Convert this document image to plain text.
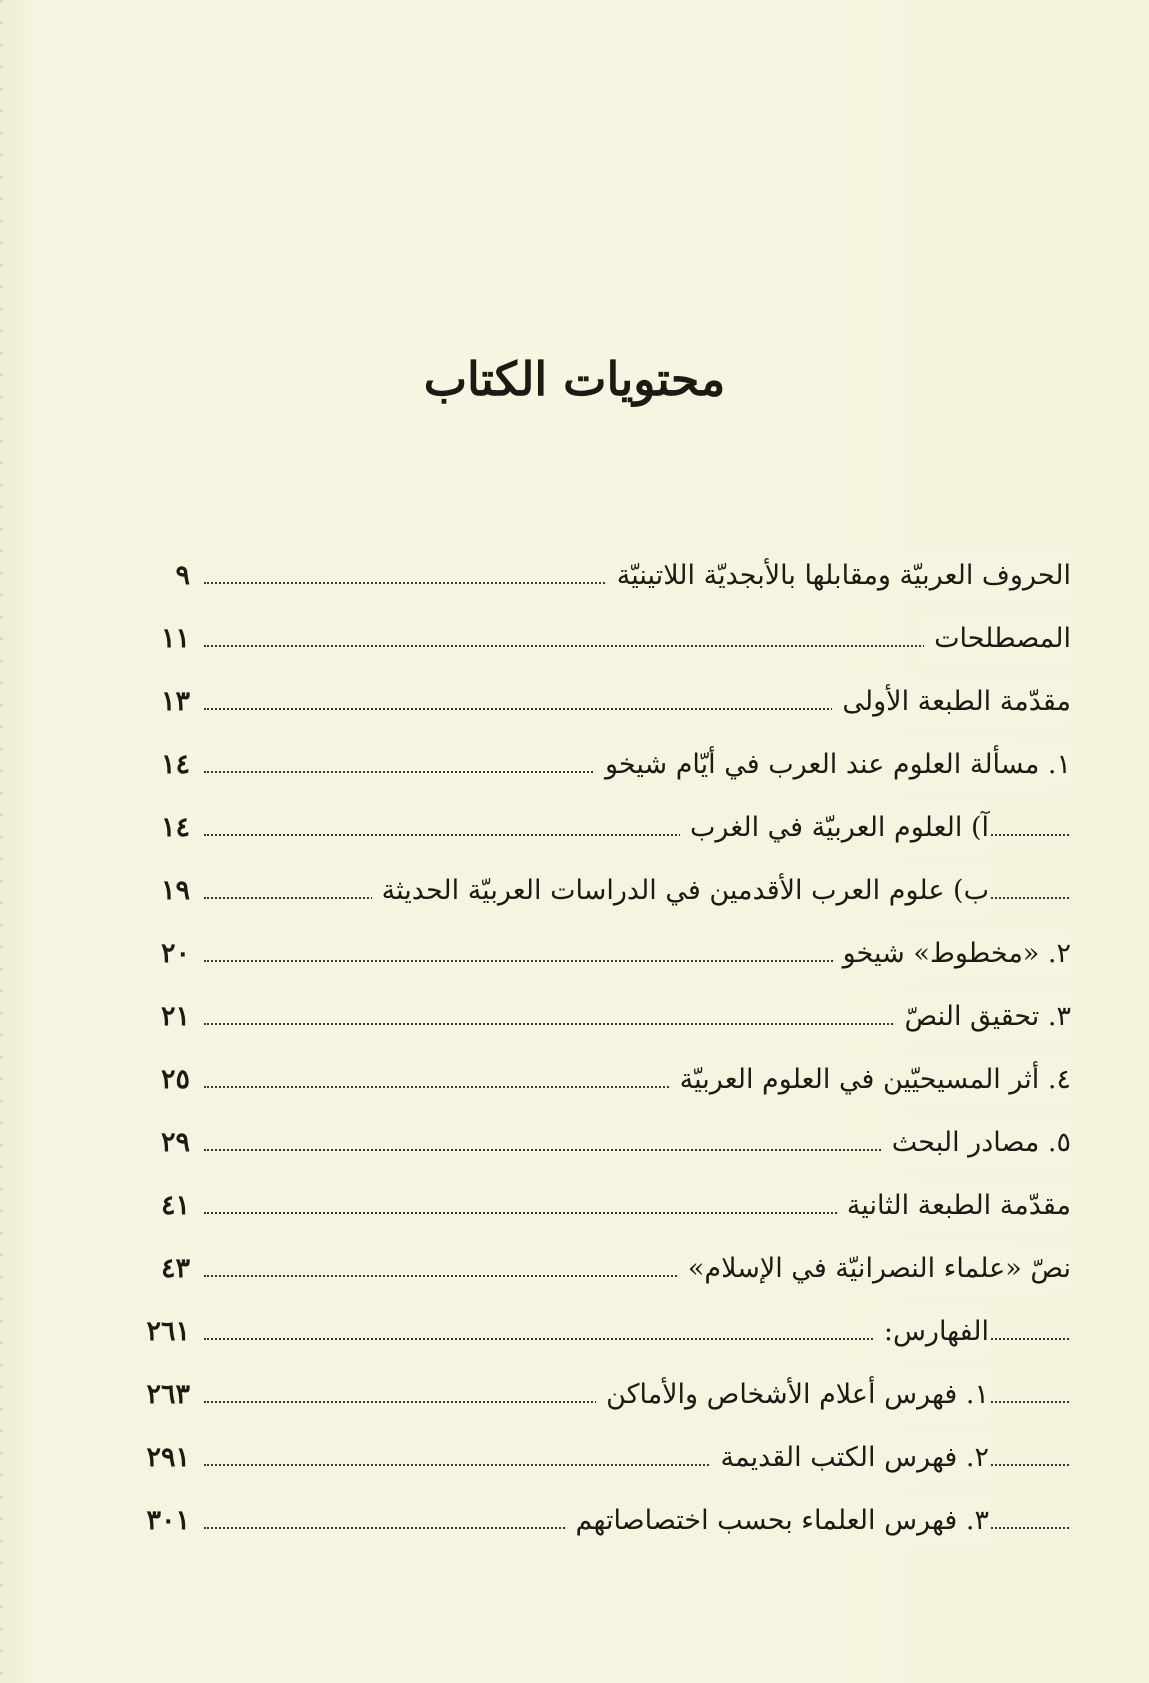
محتويات الكتاب
الحروف العربيّة ومقابلها بالأبجديّة اللاتينيّة
٩
المصطلحات
١١
مقدّمة الطبعة الأولى
١٣
١. مسألة العلوم عند العرب في أيّام شيخو
١٤
آ) العلوم العربيّة في الغرب
١٤
ب) علوم العرب الأقدمين في الدراسات العربيّة الحديثة
١٩
٢. «مخطوط» شيخو
٢٠
٣. تحقيق النصّ
٢١
٤. أثر المسيحيّين في العلوم العربيّة
٢٥
٥. مصادر البحث
٢٩
مقدّمة الطبعة الثانية
٤١
نصّ «علماء النصرانيّة في الإسلام»
٤٣
الفهارس:
٢٦١
١. فهرس أعلام الأشخاص والأماكن
٢٦٣
٢. فهرس الكتب القديمة
٢٩١
٣. فهرس العلماء بحسب اختصاصاتهم
٣٠١
